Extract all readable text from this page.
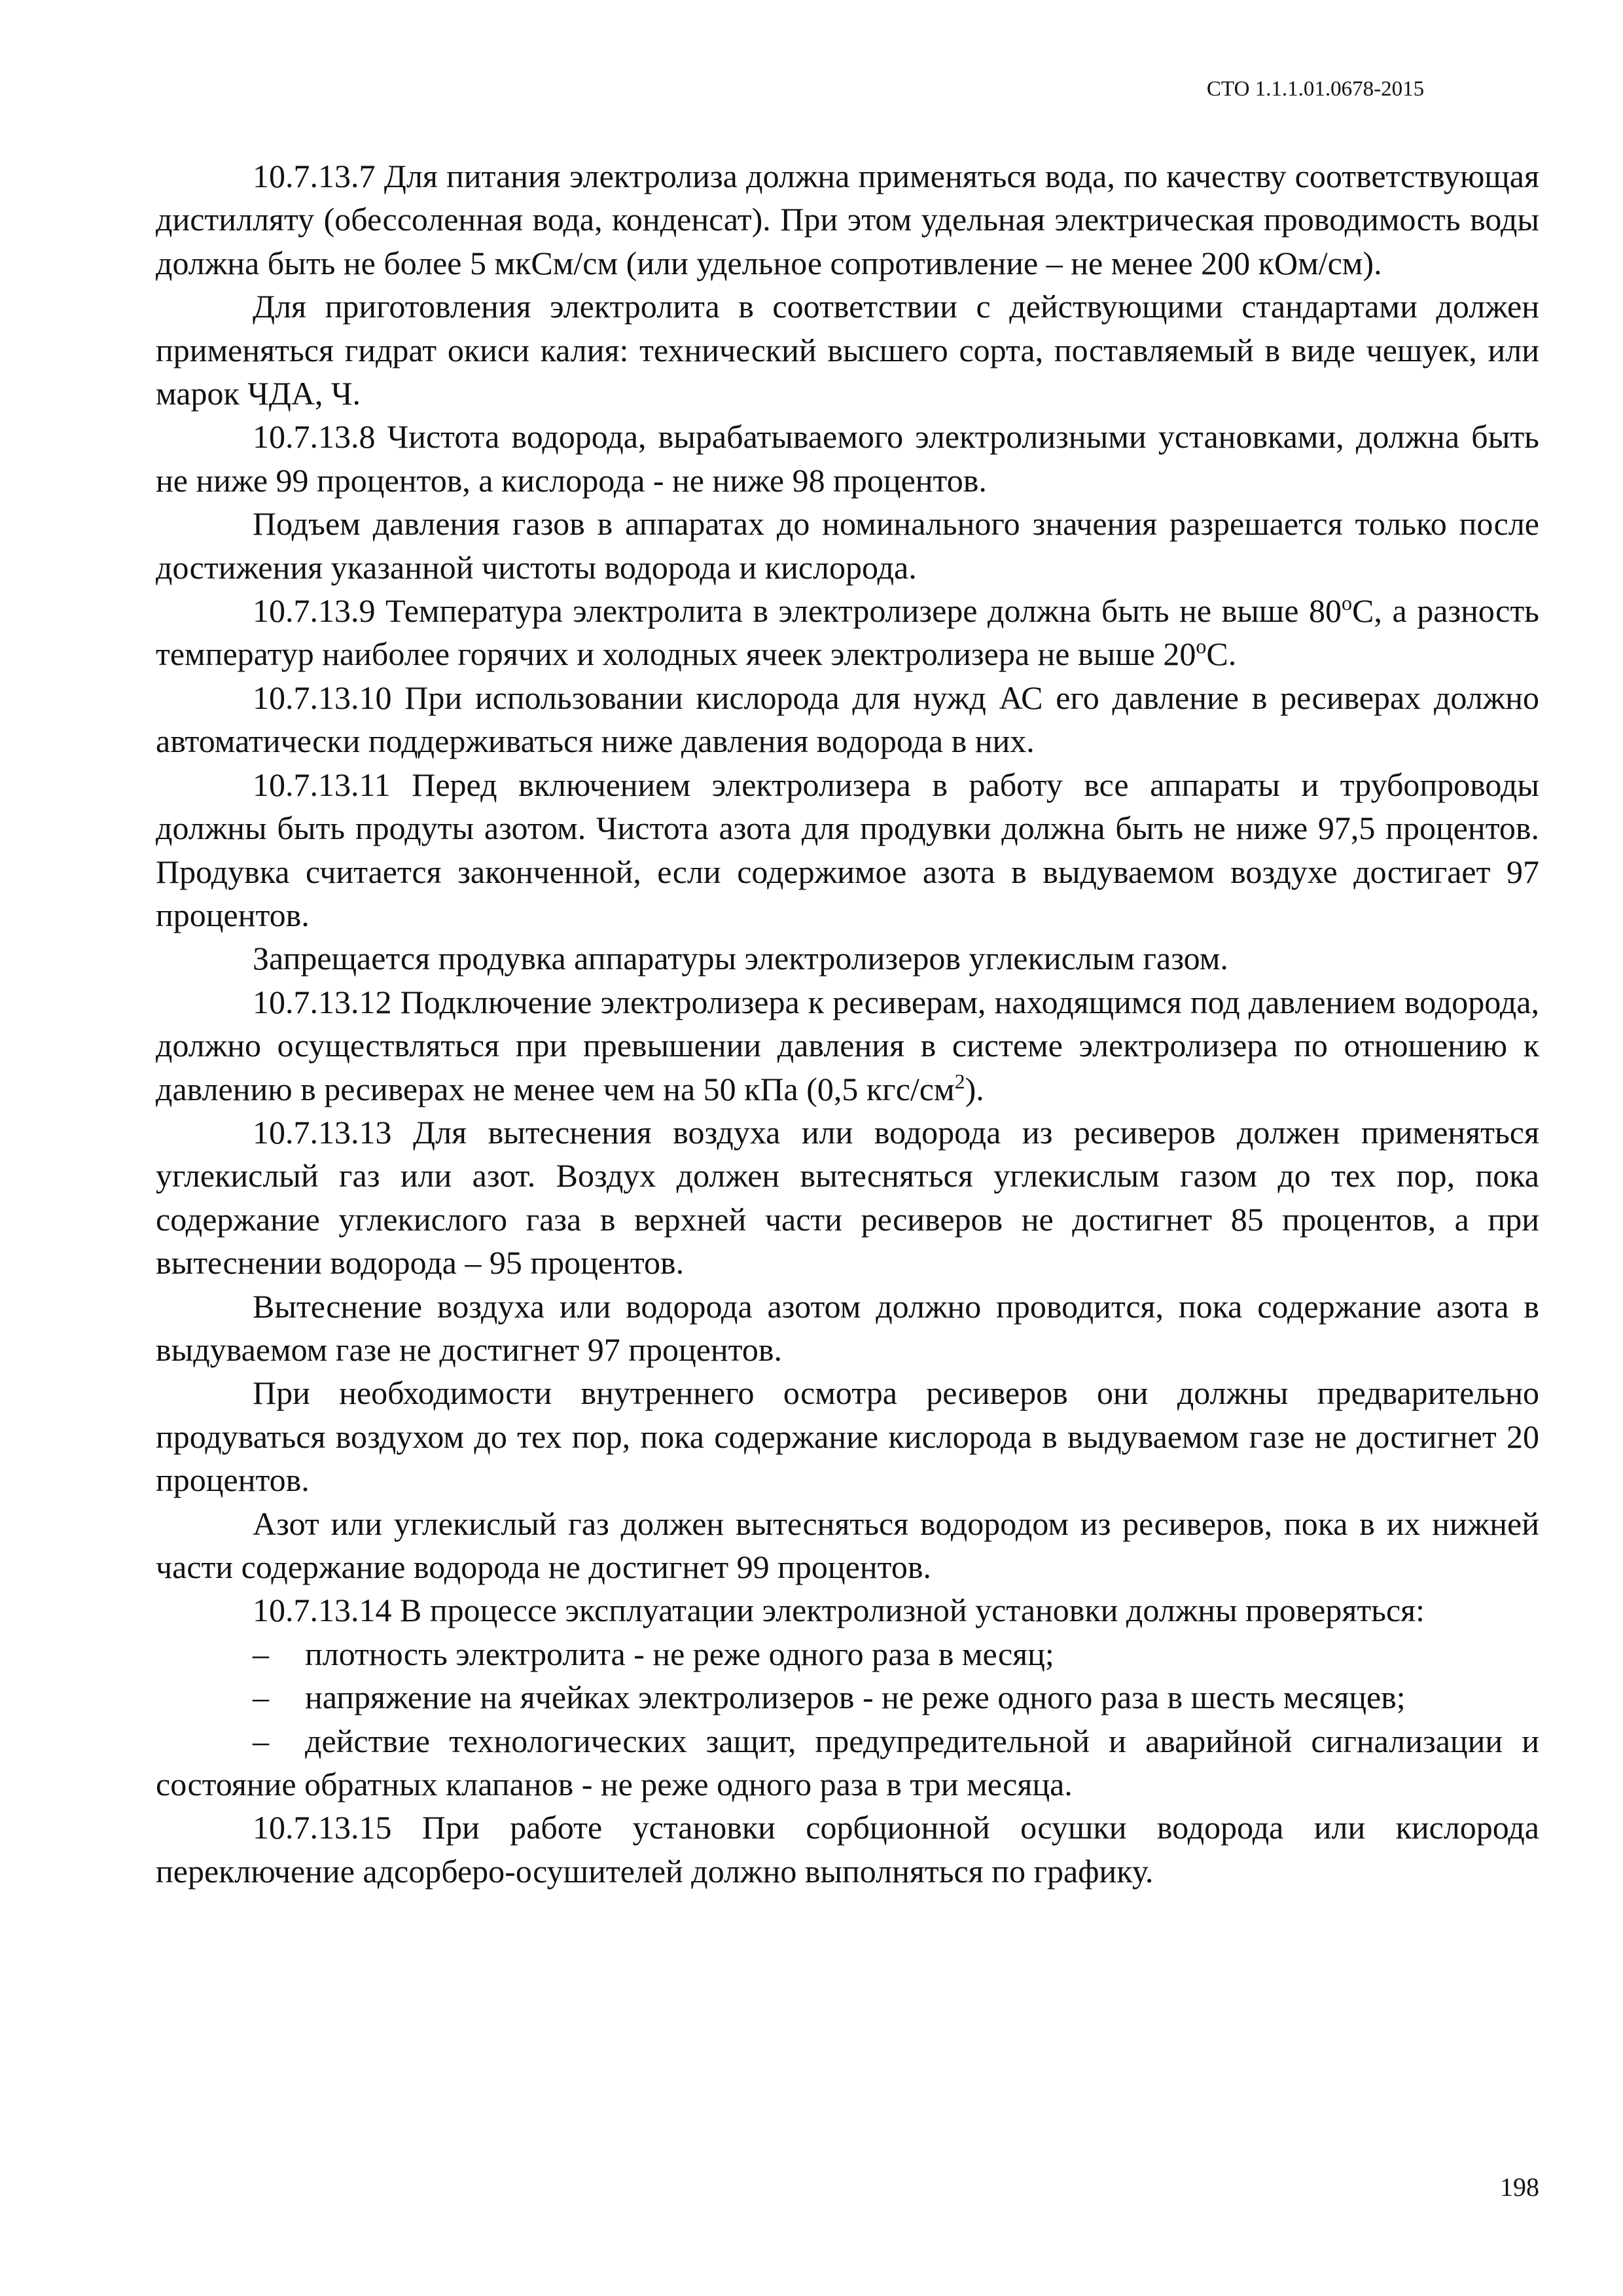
СТО 1.1.1.01.0678-2015

10.7.13.7 Для питания электролиза должна применяться вода, по качеству соответствующая дистилляту (обессоленная вода, конденсат). При этом удельная электрическая проводимость воды должна быть не более 5 мкСм/см (или удельное сопротивление – не менее 200 кОм/см).

Для приготовления электролита в соответствии с действующими стандартами должен применяться гидрат окиси калия: технический высшего сорта, поставляемый в виде чешуек, или марок ЧДА, Ч.

10.7.13.8 Чистота водорода, вырабатываемого электролизными установками, должна быть не ниже 99 процентов, а кислорода - не ниже 98 процентов.

Подъем давления газов в аппаратах до номинального значения разрешается только после достижения указанной чистоты водорода и кислорода.

10.7.13.9 Температура электролита в электролизере должна быть не выше 80$^o$С, а разность температур наиболее горячих и холодных ячеек электролизера не выше 20$^o$С.

10.7.13.10 При использовании кислорода для нужд АС его давление в ресиверах должно автоматически поддерживаться ниже давления водорода в них.

10.7.13.11 Перед включением электролизера в работу все аппараты и трубопроводы должны быть продуты азотом. Чистота азота для продувки должна быть не ниже 97,5 процентов. Продувка считается законченной, если содержимое азота в выдуваемом воздухе достигает 97 процентов.

Запрещается продувка аппаратуры электролизеров углекислым газом.

10.7.13.12 Подключение электролизера к ресиверам, находящимся под давлением водорода, должно осуществляться при превышении давления в системе электролизера по отношению к давлению в ресиверах не менее чем на 50 кПа (0,5 кгс/$см^2$).

10.7.13.13 Для вытеснения воздуха или водорода из ресиверов должен применяться углекислый газ или азот. Воздух должен вытесняться углекислым газом до тех пор, пока содержание углекислого газа в верхней части ресиверов не достигнет 85 процентов, а при вытеснении водорода – 95 процентов.

Вытеснение воздуха или водорода азотом должно проводится, пока содержание азота в выдуваемом газе не достигнет 97 процентов.

При необходимости внутреннего осмотра ресиверов они должны предварительно продуваться воздухом до тех пор, пока содержание кислорода в выдуваемом газе не достигнет 20 процентов.

Азот или углекислый газ должен вытесняться водородом из ресиверов, пока в их нижней части содержание водорода не достигнет 99 процентов.

10.7.13.14 В процессе эксплуатации электролизной установки должны проверяться:

– плотность электролита - не реже одного раза в месяц;

– напряжение на ячейках электролизеров - не реже одного раза в шесть месяцев;

– действие технологических защит, предупредительной и аварийной сигнализации и состояние обратных клапанов - не реже одного раза в три месяца.

10.7.13.15 При работе установки сорбционной осушки водорода или кислорода переключение адсорберо-осушителей должно выполняться по графику.

198
